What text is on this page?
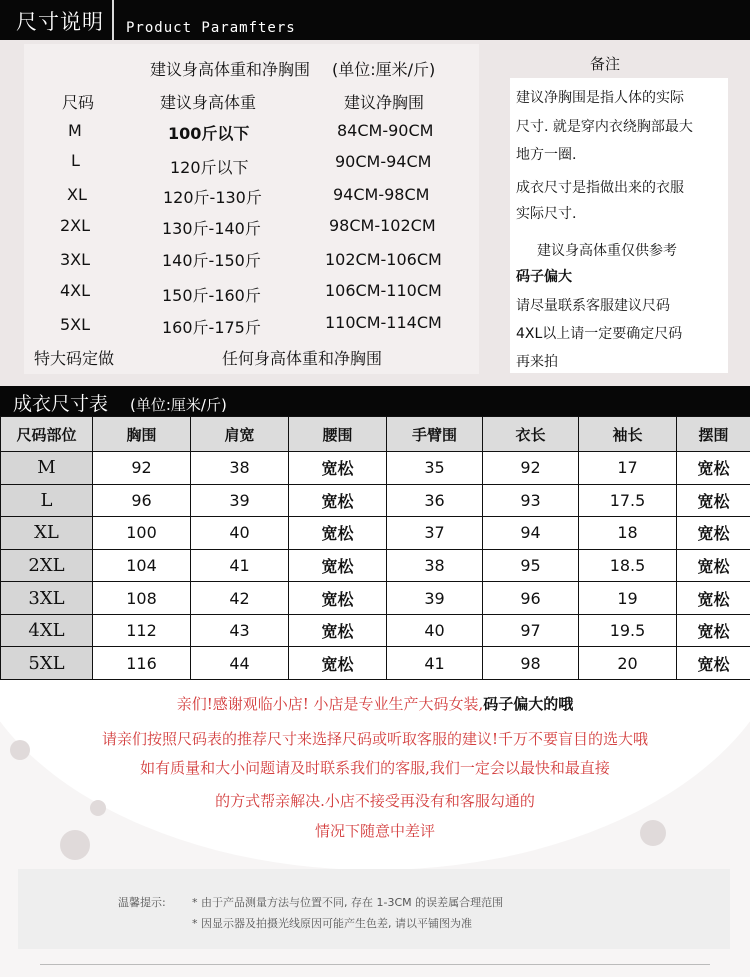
尺寸说明 Product Paramfters
建议身高体重和净胸围 (单位:厘米/斤)
尺码	建议身高体重	建议净胸围
M	100斤以下	84CM-90CM
L	120斤以下	90CM-94CM
XL	120斤-130斤	94CM-98CM
2XL	130斤-140斤	98CM-102CM
3XL	140斤-150斤	102CM-106CM
4XL	150斤-160斤	106CM-110CM
5XL	160斤-175斤	110CM-114CM
特大码定做	任何身高体重和净胸围
备注
建议净胸围是指人体的实际
尺寸. 就是穿内衣绕胸部最大
地方一圈.
成衣尺寸是指做出来的衣服
实际尺寸.
建议身高体重仅供参考
码子偏大
请尽量联系客服建议尺码
4XL以上请一定要确定尺码
再来拍
成衣尺寸表 (单位:厘米/斤)
尺码部位	胸围	肩宽	腰围	手臂围	衣长	袖长	摆围
M	92	38	宽松	35	92	17	宽松
L	96	39	宽松	36	93	17.5	宽松
XL	100	40	宽松	37	94	18	宽松
2XL	104	41	宽松	38	95	18.5	宽松
3XL	108	42	宽松	39	96	19	宽松
4XL	112	43	宽松	40	97	19.5	宽松
5XL	116	44	宽松	41	98	20	宽松
亲们!感谢观临小店! 小店是专业生产大码女装,码子偏大的哦
请亲们按照尺码表的推荐尺寸来选择尺码或听取客服的建议!千万不要盲目的选大哦
如有质量和大小问题请及时联系我们的客服,我们一定会以最快和最直接
的方式帮亲解决.小店不接受再没有和客服勾通的
情况下随意中差评
温馨提示: * 由于产品测量方法与位置不同, 存在 1-3CM 的误差属合理范围
* 因显示器及拍摄光线原因可能产生色差, 请以平铺图为准
